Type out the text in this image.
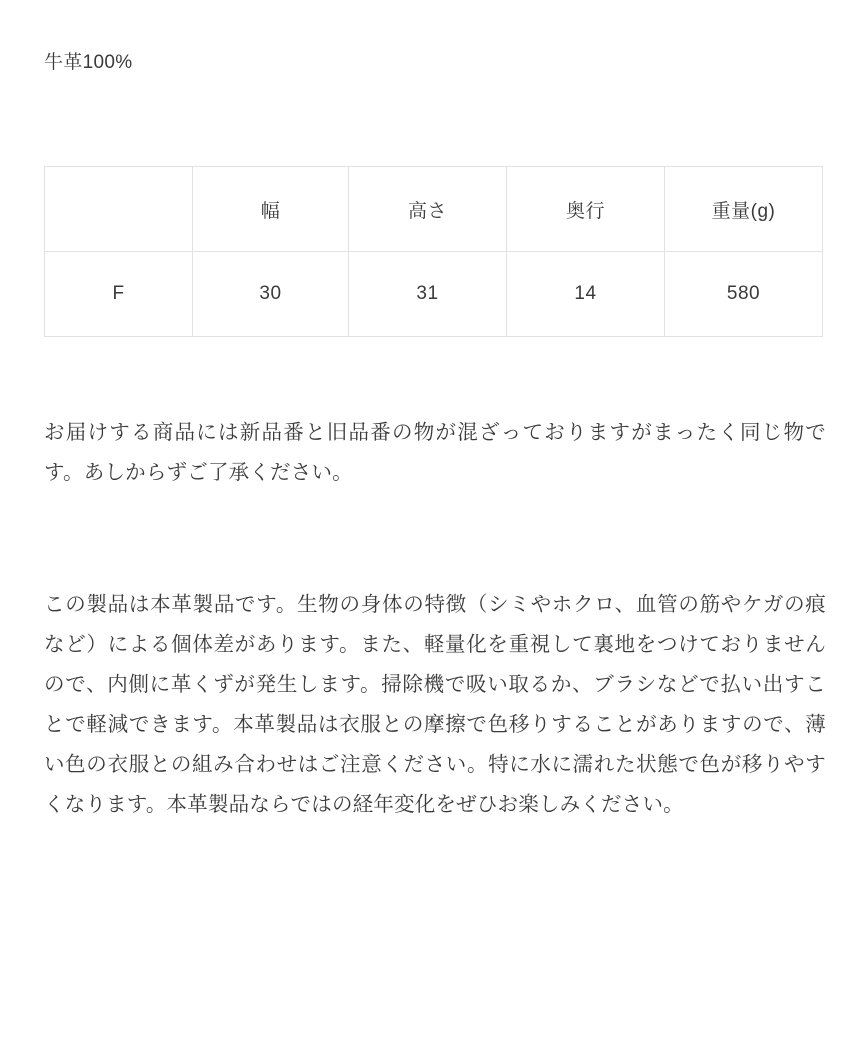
牛革100%
	幅	高さ	奥行	重量(g)
F	30	31	14	580

お届けする商品には新品番と旧品番の物が混ざっておりますがまったく同じ物です。あしからずご了承ください。

この製品は本革製品です。生物の身体の特徴（シミやホクロ、血管の筋やケガの痕など）による個体差があります。また、軽量化を重視して裏地をつけておりませんので、内側に革くずが発生します。掃除機で吸い取るか、ブラシなどで払い出すことで軽減できます。本革製品は衣服との摩擦で色移りすることがありますので、薄い色の衣服との組み合わせはご注意ください。特に水に濡れた状態で色が移りやすくなります。本革製品ならではの経年変化をぜひお楽しみください。
